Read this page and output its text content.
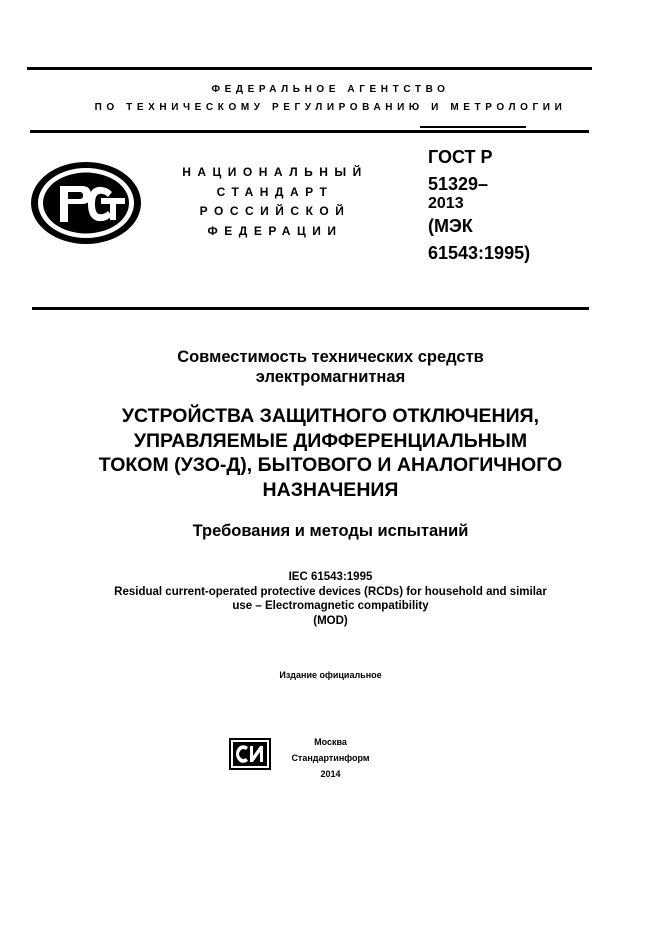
ФЕДЕРАЛЬНОЕ АГЕНТСТВО
ПО ТЕХНИЧЕСКОМУ РЕГУЛИРОВАНИЮ И МЕТРОЛОГИИ
НАЦИОНАЛЬНЫЙ
СТАНДАРТ
РОССИЙСКОЙ
ФЕДЕРАЦИИ
ГОСТ Р
51329–
2013
(МЭК
61543:1995)
Совместимость технических средств
электромагнитная
УСТРОЙСТВА ЗАЩИТНОГО ОТКЛЮЧЕНИЯ,
УПРАВЛЯЕМЫЕ ДИФФЕРЕНЦИАЛЬНЫМ
ТОКОМ (УЗО-Д), БЫТОВОГО И АНАЛОГИЧНОГО
НАЗНАЧЕНИЯ
Требования и методы испытаний
IEC 61543:1995
Residual current-operated protective devices (RCDs) for household and similar
use – Electromagnetic compatibility
(MOD)
Издание официальное
Москва
Стандартинформ
2014
